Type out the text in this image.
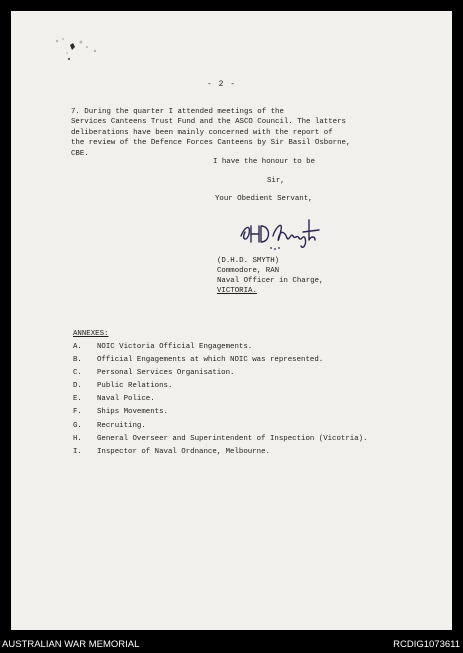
- 2 -
7. During the quarter I attended meetings of the
Services Canteens Trust Fund and the ASCO Council. The latters
deliberations have been mainly concerned with the report of
the review of the Defence Forces Canteens by Sir Basil Osborne,
CBE.
I have the honour to be
Sir,
Your Obedient Servant,
(D.H.D. SMYTH)
Commodore, RAN
Naval Officer in Charge,
VICTORIA.
ANNEXES:
A. NOIC Victoria Official Engagements.
B. Official Engagements at which NOIC was represented.
C. Personal Services Organisation.
D. Public Relations.
E. Naval Police.
F. Ships Movements.
G. Recruiting.
H. General Overseer and Superintendent of Inspection (Vicotria).
I. Inspector of Naval Ordnance, Melbourne.
AUSTRALIAN WAR MEMORIAL	RCDIG1073611
